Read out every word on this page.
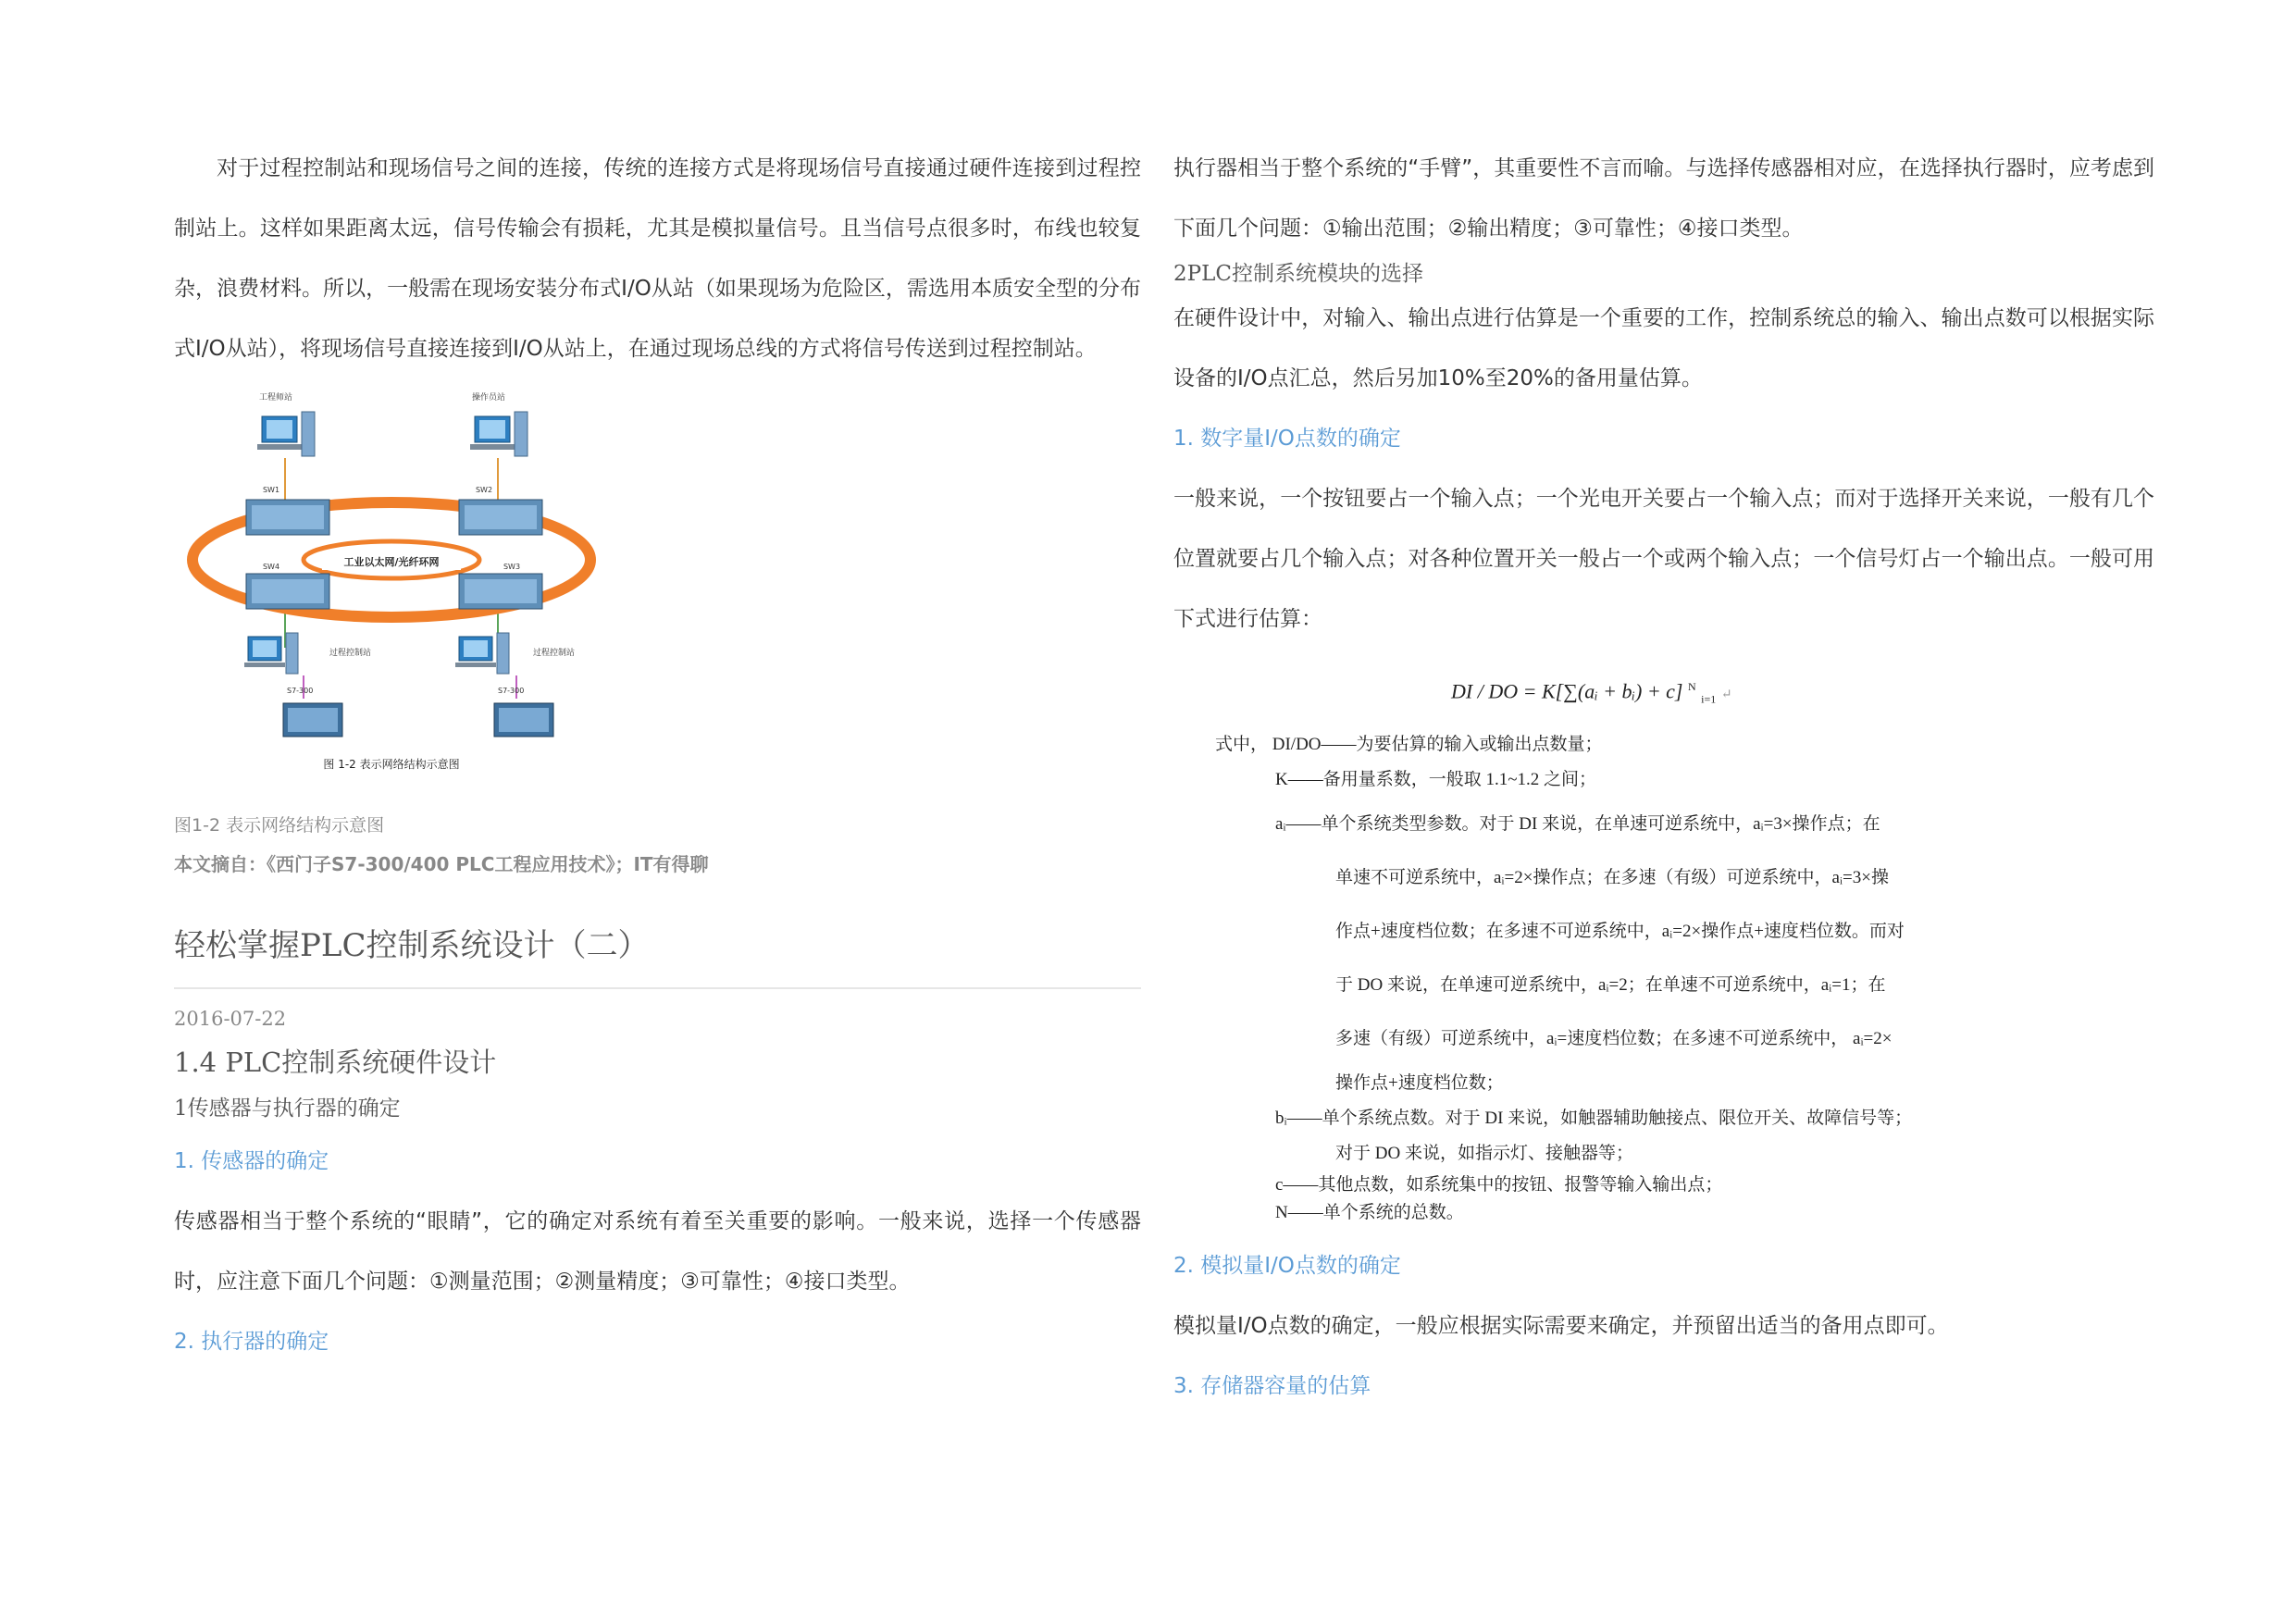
对于过程控制站和现场信号之间的连接，传统的连接方式是将现场信号直接通过硬件连接到过程控制站上。这样如果距离太远，信号传输会有损耗，尤其是模拟量信号。且当信号点很多时，布线也较复杂，浪费材料。所以，一般需在现场安装分布式I/O从站（如果现场为危险区，需选用本质安全型的分布式I/O从站），将现场信号直接连接到I/O从站上，在通过现场总线的方式将信号传送到过程控制站。

工业以太网/光纤环网
工程师站	操作员站
SW1	SW2
SW4	SW3
过程控制站	过程控制站
S7-300	S7-300
图 1-2 表示网络结构示意图
图1-2 表示网络结构示意图
本文摘自：《西门子S7-300/400 PLC工程应用技术》；IT有得聊
轻松掌握PLC控制系统设计（二）
2016-07-22
1.4 PLC控制系统硬件设计
1传感器与执行器的确定
1. 传感器的确定

传感器相当于整个系统的“眼睛”，它的确定对系统有着至关重要的影响。一般来说，选择一个传感器时，应注意下面几个问题：①测量范围；②测量精度；③可靠性；④接口类型。

2. 执行器的确定

执行器相当于整个系统的“手臂”，其重要性不言而喻。与选择传感器相对应，在选择执行器时，应考虑到下面几个问题：①输出范围；②输出精度；③可靠性；④接口类型。

2PLC控制系统模块的选择

在硬件设计中，对输入、输出点进行估算是一个重要的工作，控制系统总的输入、输出点数可以根据实际设备的I/O点汇总，然后另加10%至20%的备用量估算。

1. 数字量I/O点数的确定

一般来说，一个按钮要占一个输入点；一个光电开关要占一个输入点；而对于选择开关来说，一般有几个位置就要占几个输入点；对各种位置开关一般占一个或两个输入点；一个信号灯占一个输出点。一般可用下式进行估算：

DI / DO = K[∑(aᵢ + bᵢ) + c] $^N$ $_{i=1}$ ↵

式中， DI/DO——为要估算的输入或输出点数量；

K——备用量系数，一般取 1.1~1.2 之间；

aᵢ——单个系统类型参数。对于 DI 来说，在单速可逆系统中，aᵢ=3×操作点；在

单速不可逆系统中，aᵢ=2×操作点；在多速（有级）可逆系统中，aᵢ=3×操

作点+速度档位数；在多速不可逆系统中，aᵢ=2×操作点+速度档位数。而对

于 DO 来说，在单速可逆系统中，aᵢ=2；在单速不可逆系统中，aᵢ=1；在

多速（有级）可逆系统中，aᵢ=速度档位数；在多速不可逆系统中， aᵢ=2×

操作点+速度档位数；

bᵢ——单个系统点数。对于 DI 来说，如触器辅助触接点、限位开关、故障信号等；

对于 DO 来说，如指示灯、接触器等；

c——其他点数，如系统集中的按钮、报警等输入输出点；

N——单个系统的总数。

2. 模拟量I/O点数的确定

模拟量I/O点数的确定，一般应根据实际需要来确定，并预留出适当的备用点即可。

3. 存储器容量的估算
